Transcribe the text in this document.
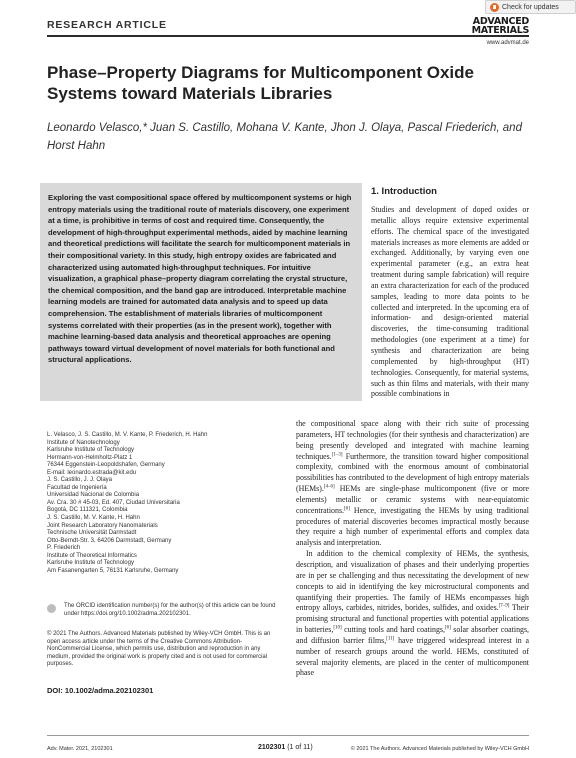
RESEARCH ARTICLE
Check for updates
ADVANCED
MATERIALS
www.advmat.de
Phase–Property Diagrams for Multicomponent Oxide Systems toward Materials Libraries
Leonardo Velasco,* Juan S. Castillo, Mohana V. Kante, Jhon J. Olaya, Pascal Friederich, and Horst Hahn
Exploring the vast compositional space offered by multicomponent systems or high entropy materials using the traditional route of materials discovery, one experiment at a time, is prohibitive in terms of cost and required time. Consequently, the development of high-throughput experimental methods, aided by machine learning and theoretical predictions will facilitate the search for multicomponent materials in their compositional variety. In this study, high entropy oxides are fabricated and characterized using automated high-throughput techniques. For intuitive visualization, a graphical phase–property diagram correlating the crystal structure, the chemical composition, and the band gap are introduced. Interpretable machine learning models are trained for automated data analysis and to speed up data comprehension. The establishment of materials libraries of multicomponent systems correlated with their properties (as in the present work), together with machine learning-based data analysis and theoretical approaches are opening pathways toward virtual development of novel materials for both functional and structural applications.
1. Introduction
Studies and development of doped oxides or metallic alloys require extensive experimental efforts. The chemical space of the investigated materials increases as more elements are added or exchanged. Additionally, by varying even one experimental parameter (e.g., an extra heat treatment during sample fabrication) will require an extra characterization for each of the produced samples, leading to more data points to be collected and interpreted. In the upcoming era of information- and design-oriented material discoveries, the time-consuming traditional methodologies (one experiment at a time) for synthesis and characterization are being complemented by high-throughput (HT) technologies. Consequently, for material systems, such as thin films and materials, with their many possible combinations in

the compositional space along with their rich suite of processing parameters, HT technologies (for their synthesis and characterization) are being presently developed and integrated with machine learning techniques.[1–3] Furthermore, the transition toward higher compositional complexity, combined with the enormous amount of combinatorial possibilities has contributed to the development of high entropy materials (HEMs).[4–6] HEMs are single-phase multicomponent (five or more elements) metallic or ceramic systems with near-equiatomic concentrations.[6] Hence, investigating the HEMs by using traditional procedures of material discoveries becomes impractical mostly because they require a high number of experimental efforts and complex data analysis and interpretation.

In addition to the chemical complexity of HEMs, the synthesis, description, and visualization of phases and their underlying properties are in per se challenging and thus necessitating the development of new concepts to aid in identifying the key microstructural components and quantifying their properties. The family of HEMs encompasses high entropy alloys, carbides, nitrides, borides, sulfides, and oxides.[7–9] Their promising structural and functional properties with potential applications in batteries,[10] cutting tools and hard coatings,[6] solar absorber coatings, and diffusion barrier films,[11] have triggered widespread interest in a number of research groups around the world. HEMs, constituted of several majority elements, are placed in the center of multicomponent phase

L. Velasco, J. S. Castillo, M. V. Kante, P. Friederich, H. Hahn
Institute of Nanotechnology
Karlsruhe Institute of Technology
Hermann-von-Helmholtz-Platz 1
76344 Eggenstein-Leopoldshafen, Germany
E-mail: leonardo.estrada@kit.edu
J. S. Castillo, J. J. Olaya
Facultad de Ingeniería
Universidad Nacional de Colombia
Av. Cra. 30 # 45-03, Ed. 407, Ciudad Universitaria
Bogotá, DC 111321, Colombia
J. S. Castillo, M. V. Kante, H. Hahn
Joint Research Laboratory Nanomaterials
Technische Universität Darmstadt
Otto-Berndt-Str. 3, 64206 Darmstadt, Germany
P. Friederich
Institute of Theoretical Informatics
Karlsruhe Institute of Technology
Am Fasanengarten 5, 76131 Karlsruhe, Germany
The ORCID identification number(s) for the author(s) of this article can be found under https://doi.org/10.1002/adma.202102301.
© 2021 The Authors. Advanced Materials published by Wiley-VCH GmbH. This is an open access article under the terms of the Creative Commons Attribution-NonCommercial License, which permits use, distribution and reproduction in any medium, provided the original work is properly cited and is not used for commercial purposes.
DOI: 10.1002/adma.202102301
Adv. Mater. 2021, 2102301	2102301 (1 of 11)	© 2021 The Authors. Advanced Materials published by Wiley-VCH GmbH
